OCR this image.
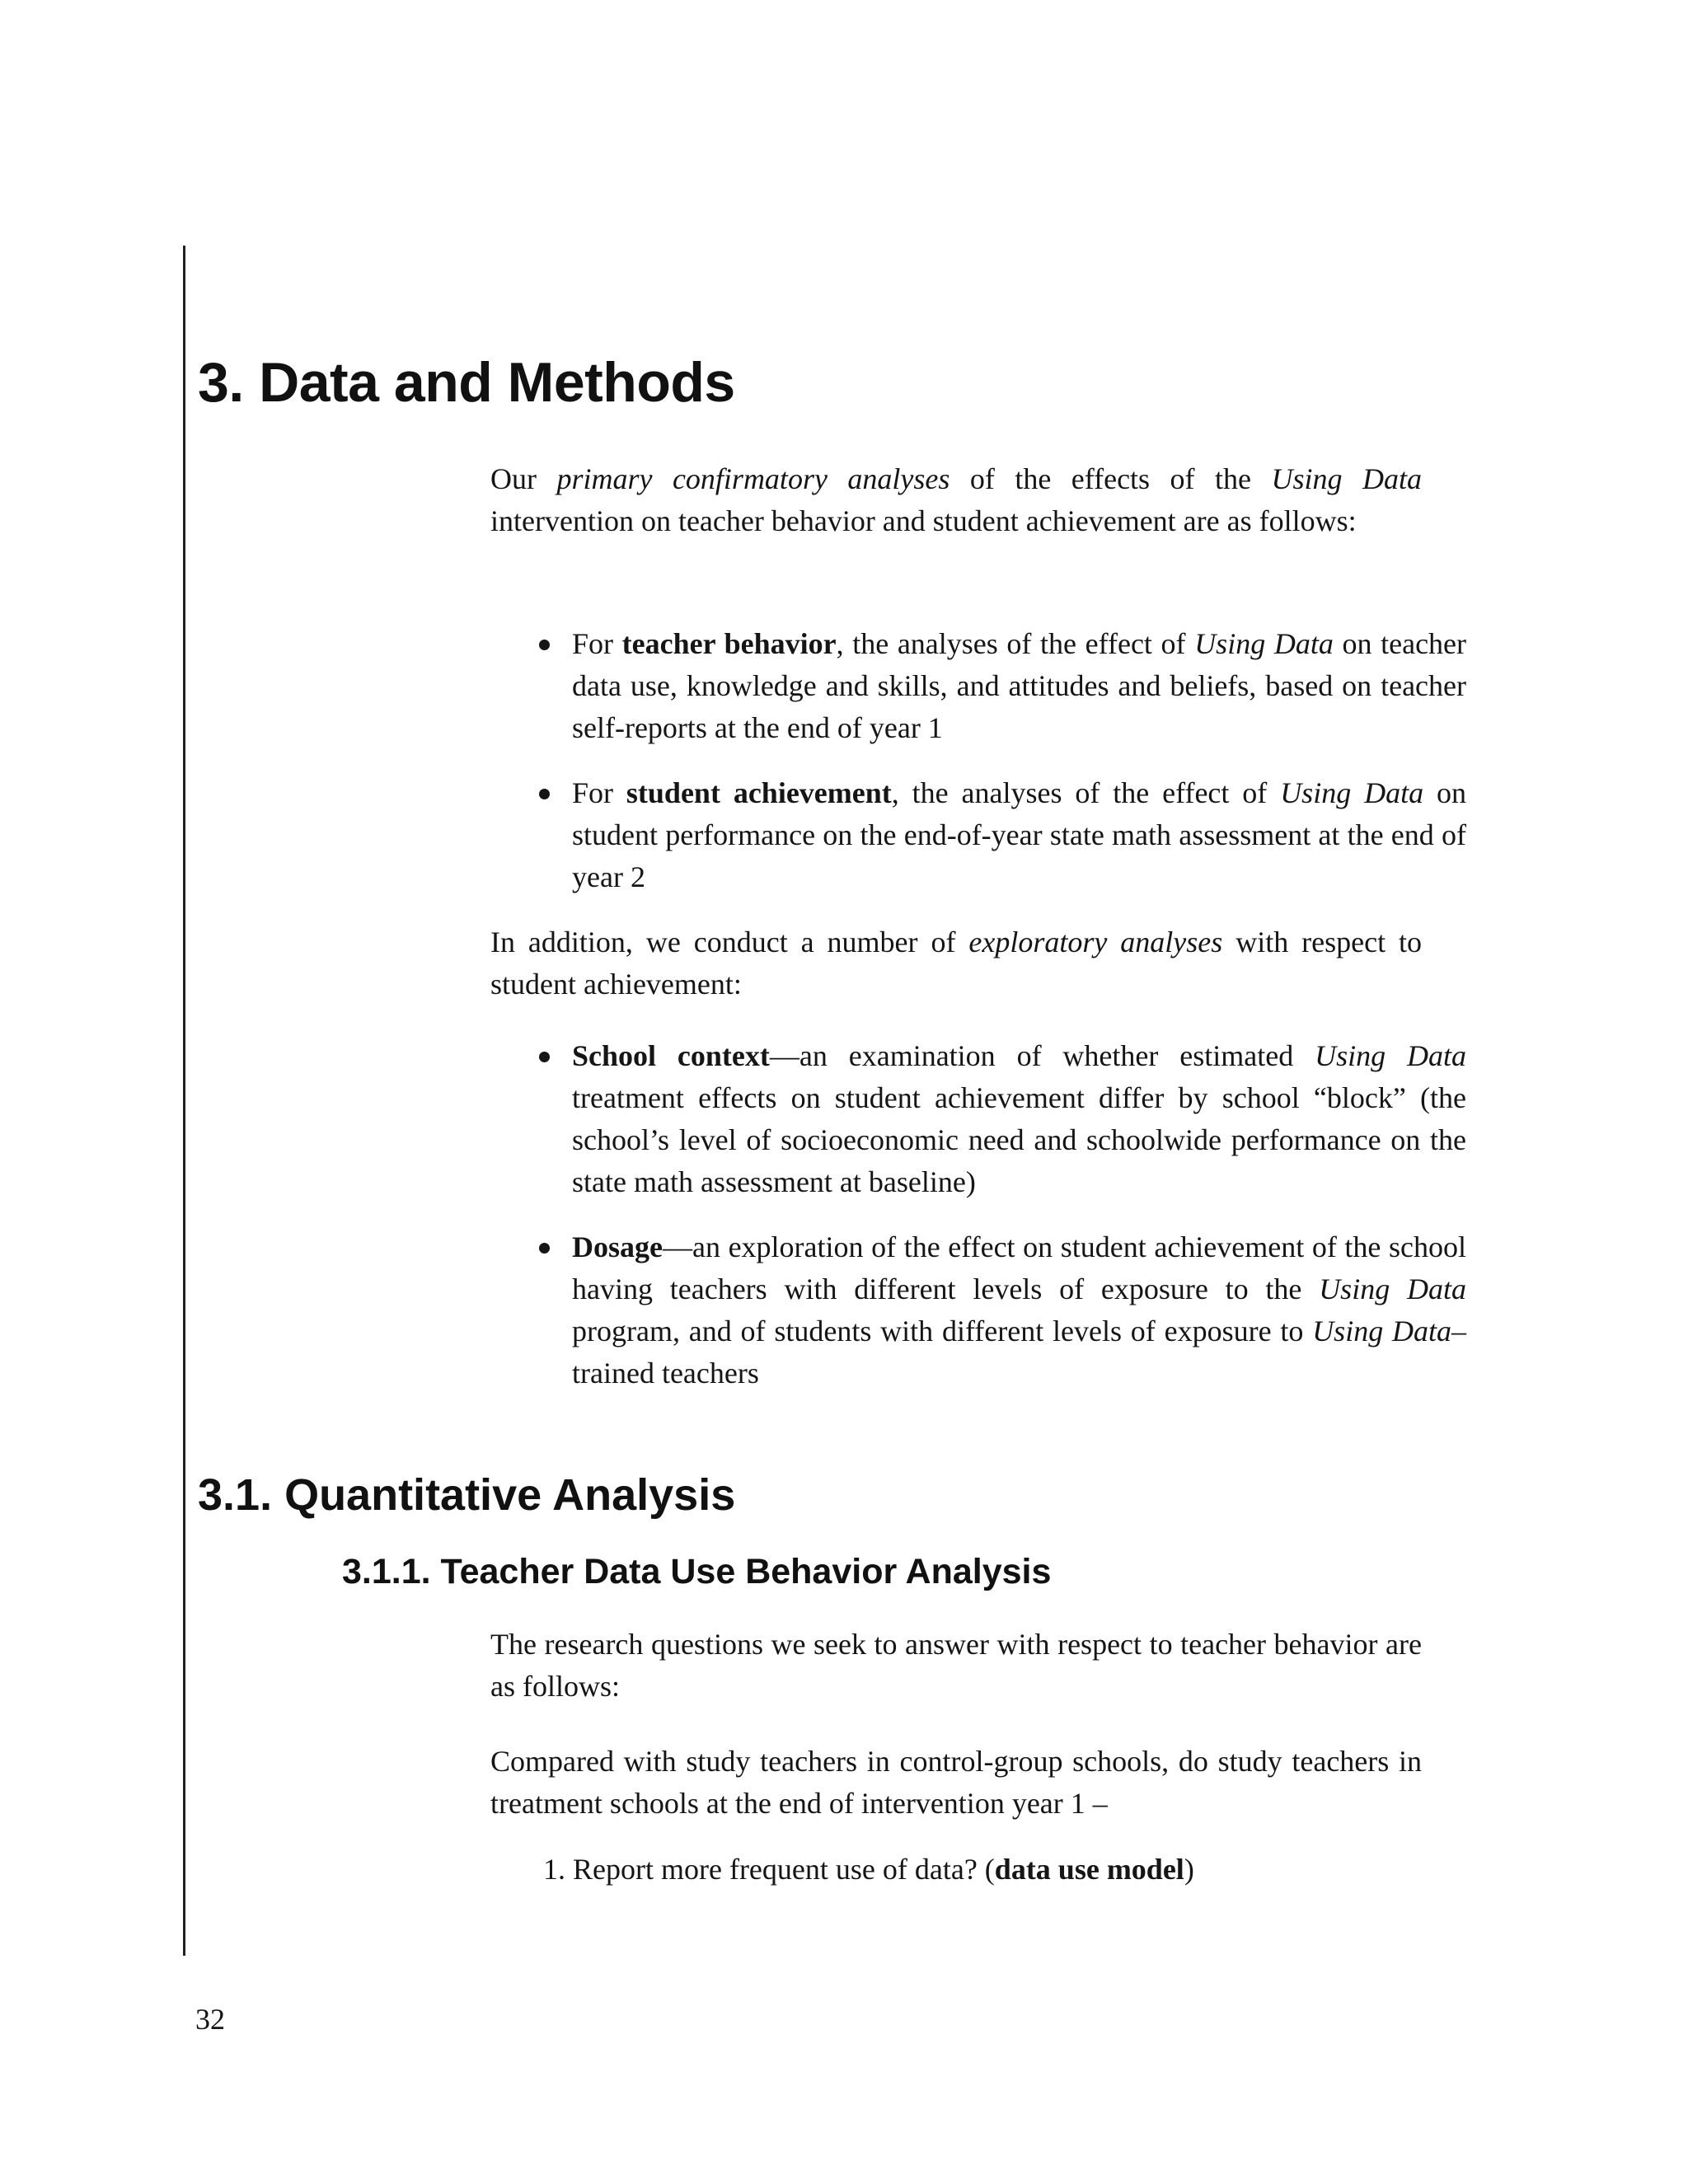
3. Data and Methods

Our primary confirmatory analyses of the effects of the Using Data intervention on teacher behavior and student achievement are as follows:

For teacher behavior, the analyses of the effect of Using Data on teacher data use, knowledge and skills, and attitudes and beliefs, based on teacher self-reports at the end of year 1
For student achievement, the analyses of the effect of Using Data on student performance on the end-of-year state math assessment at the end of year 2

In addition, we conduct a number of exploratory analyses with respect to student achievement:

School context—an examination of whether estimated Using Data treatment effects on student achievement differ by school “block” (the school’s level of socioeconomic need and schoolwide performance on the state math assessment at baseline)
Dosage—an exploration of the effect on student achievement of the school having teachers with different levels of exposure to the Using Data program, and of students with different levels of exposure to Using Data–trained teachers
3.1. Quantitative Analysis
3.1.1. Teacher Data Use Behavior Analysis

The research questions we seek to answer with respect to teacher behavior are as follows:

Compared with study teachers in control-group schools, do study teachers in treatment schools at the end of intervention year 1 –

1. Report more frequent use of data? (data use model)
32
